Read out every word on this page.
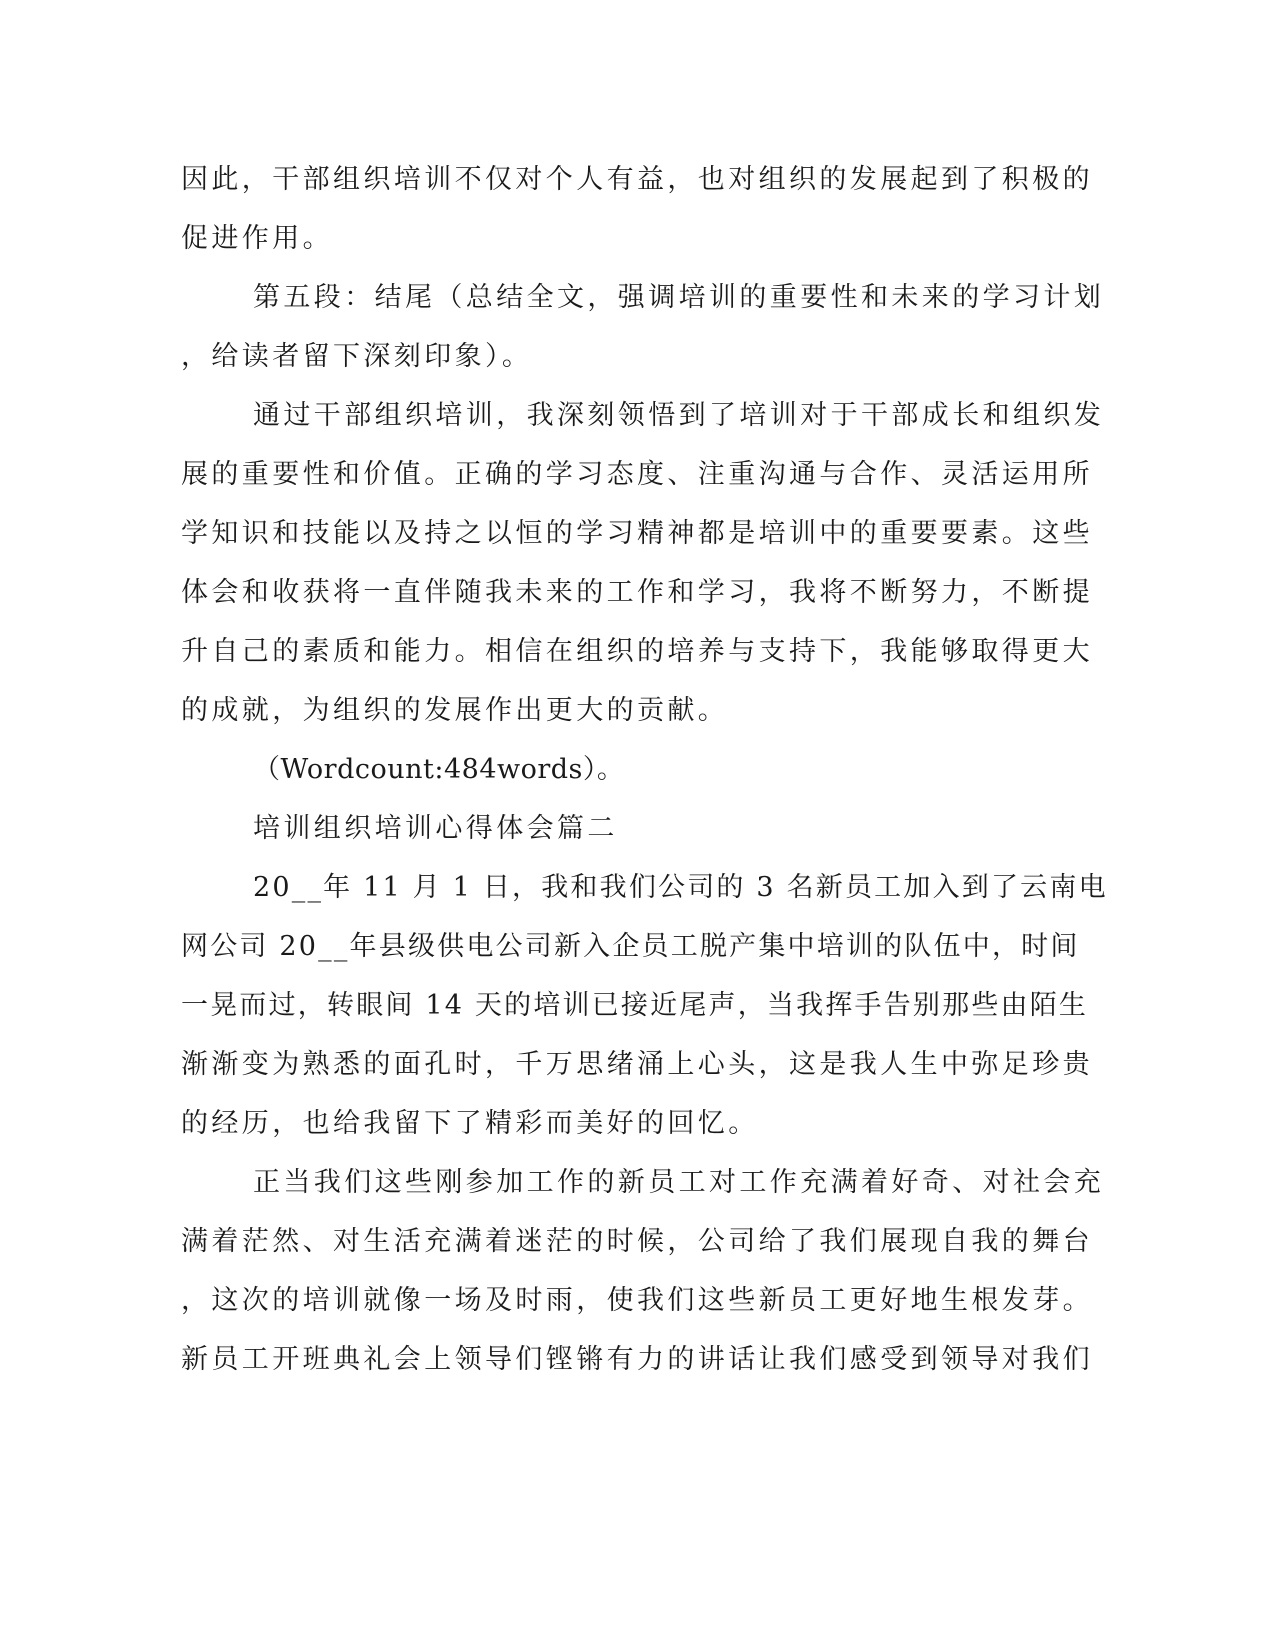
因此，干部组织培训不仅对个人有益，也对组织的发展起到了积极的
促进作用。
第五段：结尾（总结全文，强调培训的重要性和未来的学习计划
，给读者留下深刻印象）。
通过干部组织培训，我深刻领悟到了培训对于干部成长和组织发
展的重要性和价值。正确的学习态度、注重沟通与合作、灵活运用所
学知识和技能以及持之以恒的学习精神都是培训中的重要要素。这些
体会和收获将一直伴随我未来的工作和学习，我将不断努力，不断提
升自己的素质和能力。相信在组织的培养与支持下，我能够取得更大
的成就，为组织的发展作出更大的贡献。
（Wordcount:484words）。
培训组织培训心得体会篇二
20__年 11 月 1 日，我和我们公司的 3 名新员工加入到了云南电
网公司 20__年县级供电公司新入企员工脱产集中培训的队伍中，时间
一晃而过，转眼间 14 天的培训已接近尾声，当我挥手告别那些由陌生
渐渐变为熟悉的面孔时，千万思绪涌上心头，这是我人生中弥足珍贵
的经历，也给我留下了精彩而美好的回忆。
正当我们这些刚参加工作的新员工对工作充满着好奇、对社会充
满着茫然、对生活充满着迷茫的时候，公司给了我们展现自我的舞台
，这次的培训就像一场及时雨，使我们这些新员工更好地生根发芽。
新员工开班典礼会上领导们铿锵有力的讲话让我们感受到领导对我们
